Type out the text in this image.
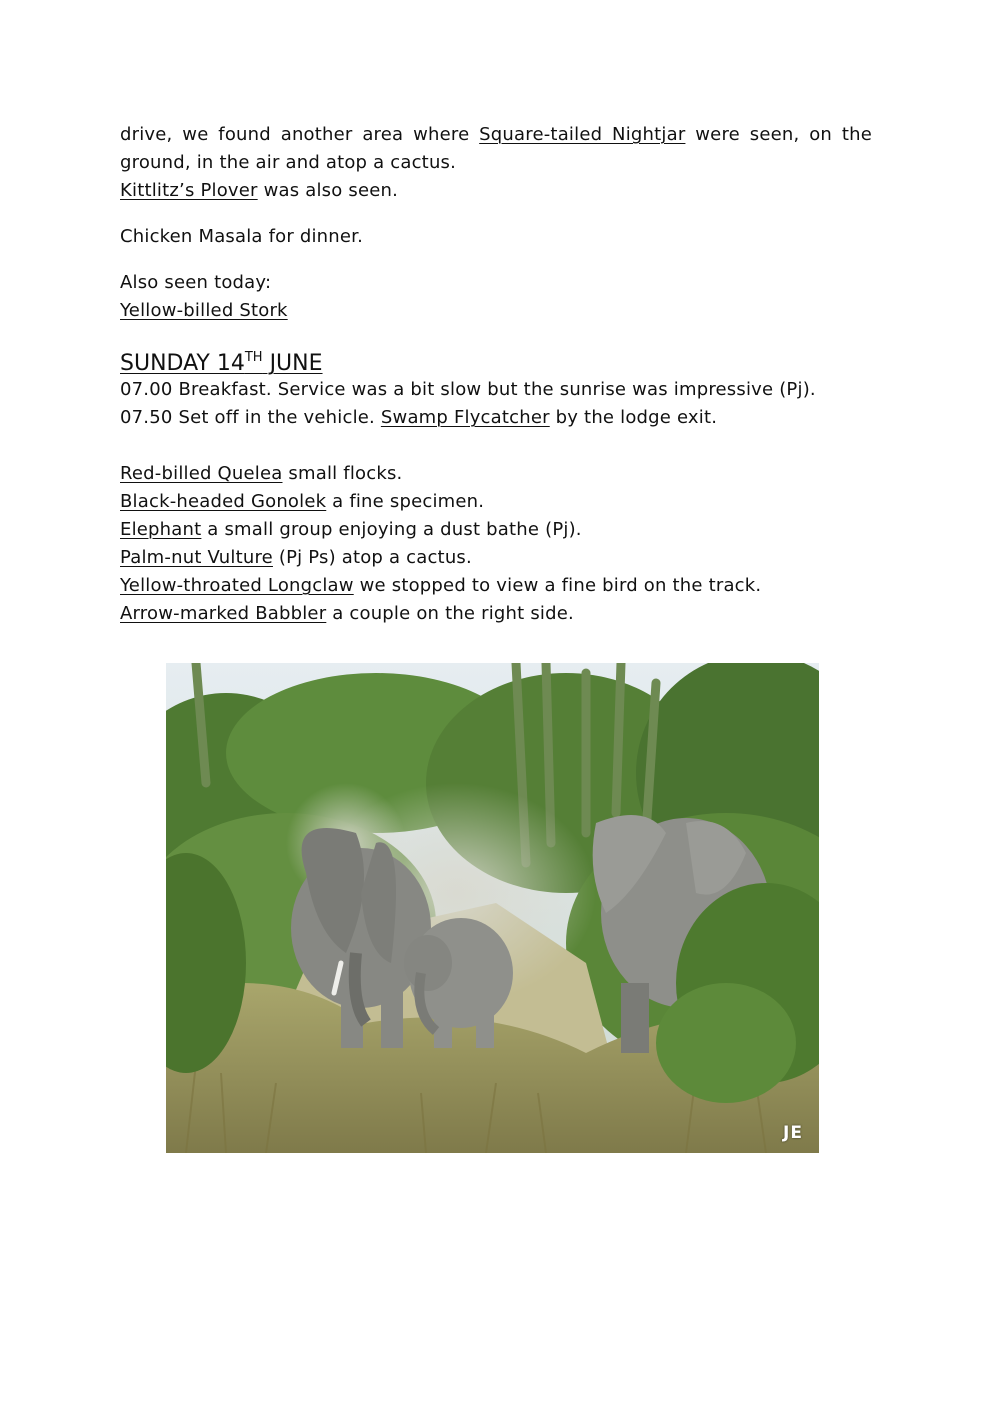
drive, we found another area where Square-tailed Nightjar were seen, on the
ground, in the air and atop a cactus.
Kittlitz’s Plover was also seen.
Chicken Masala for dinner.
Also seen today:
Yellow-billed Stork
SUNDAY 14TH JUNE
07.00 Breakfast. Service was a bit slow but the sunrise was impressive (Pj).
07.50 Set off in the vehicle. Swamp Flycatcher by the lodge exit.
Red-billed Quelea small flocks.
Black-headed Gonolek a fine specimen.
Elephant a small group enjoying a dust bathe (Pj).
Palm-nut Vulture (Pj Ps) atop a cactus.
Yellow-throated Longclaw we stopped to view a fine bird on the track.
Arrow-marked Babbler a couple on the right side.
JE
